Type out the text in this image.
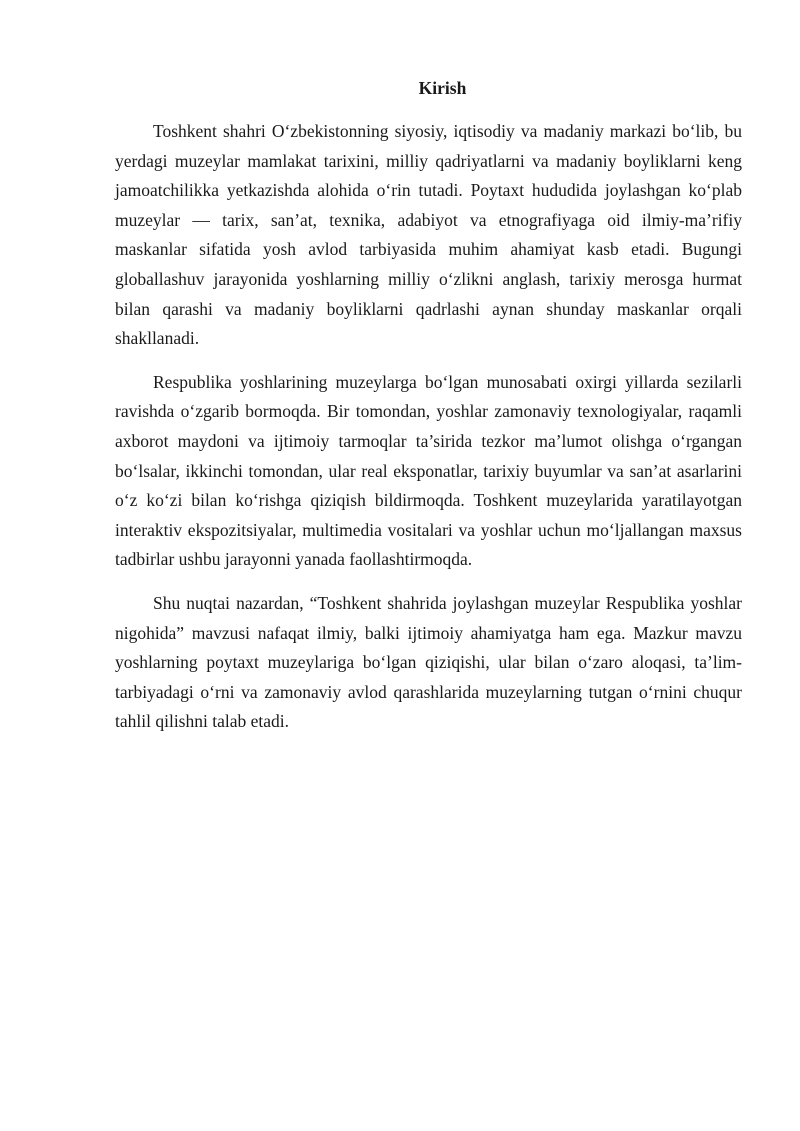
Kirish

Toshkent shahri O‘zbekistonning siyosiy, iqtisodiy va madaniy markazi bo‘lib, bu yerdagi muzeylar mamlakat tarixini, milliy qadriyatlarni va madaniy boyliklarni keng jamoatchilikka yetkazishda alohida o‘rin tutadi. Poytaxt hududida joylashgan ko‘plab muzeylar — tarix, san’at, texnika, adabiyot va etnografiyaga oid ilmiy-ma’rifiy maskanlar sifatida yosh avlod tarbiyasida muhim ahamiyat kasb etadi. Bugungi globallashuv jarayonida yoshlarning milliy o‘zlikni anglash, tarixiy merosga hurmat bilan qarashi va madaniy boyliklarni qadrlashi aynan shunday maskanlar orqali shakllanadi.

Respublika yoshlarining muzeylarga bo‘lgan munosabati oxirgi yillarda sezilarli ravishda o‘zgarib bormoqda. Bir tomondan, yoshlar zamonaviy texnologiyalar, raqamli axborot maydoni va ijtimoiy tarmoqlar ta’sirida tezkor ma’lumot olishga o‘rgangan bo‘lsalar, ikkinchi tomondan, ular real eksponatlar, tarixiy buyumlar va san’at asarlarini o‘z ko‘zi bilan ko‘rishga qiziqish bildirmoqda. Toshkent muzeylarida yaratilayotgan interaktiv ekspozitsiyalar, multimedia vositalari va yoshlar uchun mo‘ljallangan maxsus tadbirlar ushbu jarayonni yanada faollashtirmoqda.

Shu nuqtai nazardan, “Toshkent shahrida joylashgan muzeylar Respublika yoshlar nigohida” mavzusi nafaqat ilmiy, balki ijtimoiy ahamiyatga ham ega. Mazkur mavzu yoshlarning poytaxt muzeylariga bo‘lgan qiziqishi, ular bilan o‘zaro aloqasi, ta’lim-tarbiyadagi o‘rni va zamonaviy avlod qarashlarida muzeylarning tutgan o‘rnini chuqur tahlil qilishni talab etadi.
